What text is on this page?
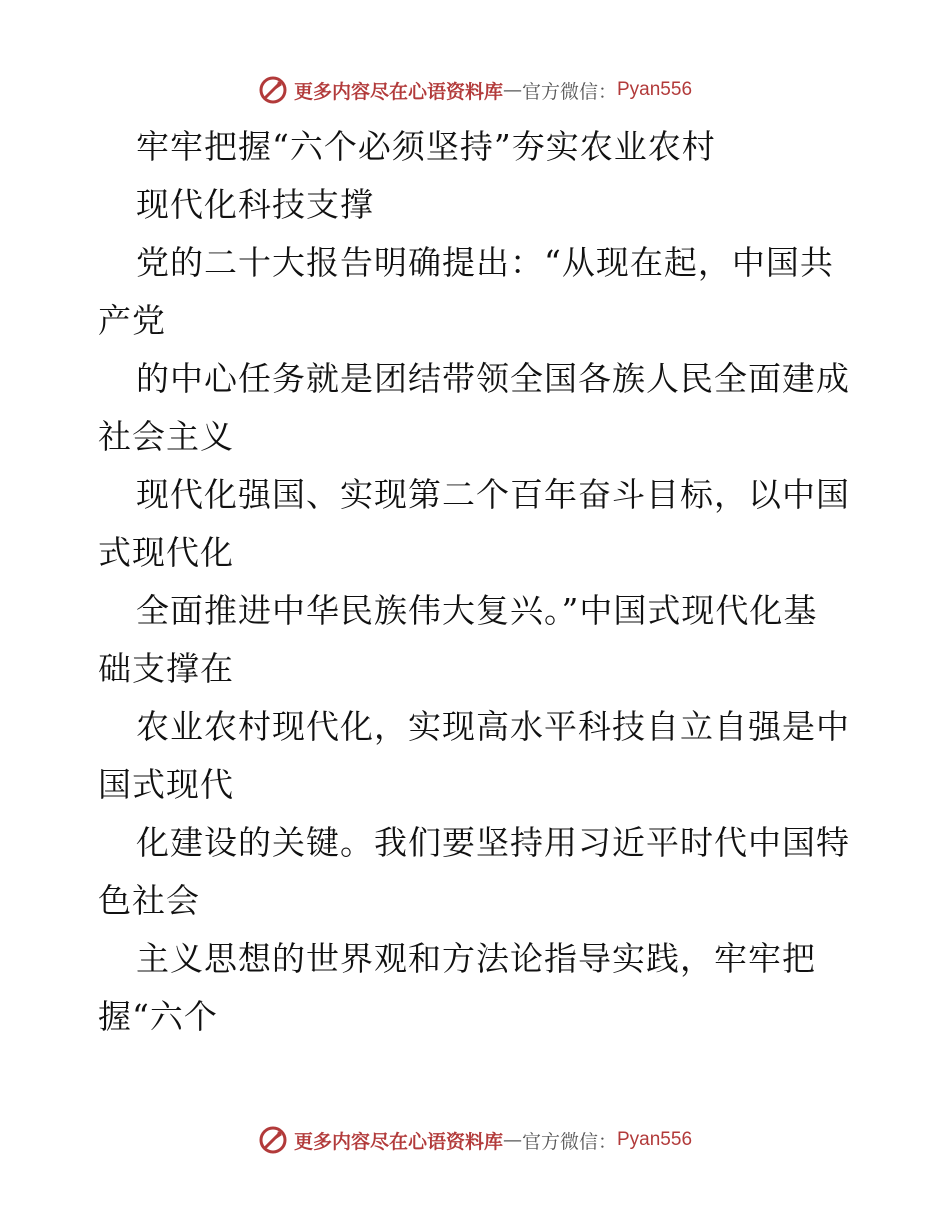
更多内容尽在心语资料库 — 官方微信： Pyan556
牢牢把握“六个必须坚持”夯实农业农村
现代化科技支撑
党的二十大报告明确提出：“从现在起，中国共
产党
的中心任务就是团结带领全国各族人民全面建成
社会主义
现代化强国、实现第二个百年奋斗目标，以中国
式现代化
全面推进中华民族伟大复兴。”中国式现代化基
础支撑在
农业农村现代化，实现高水平科技自立自强是中
国式现代
化建设的关键。我们要坚持用习近平时代中国特
色社会
主义思想的世界观和方法论指导实践，牢牢把
握“六个
更多内容尽在心语资料库 — 官方微信： Pyan556
